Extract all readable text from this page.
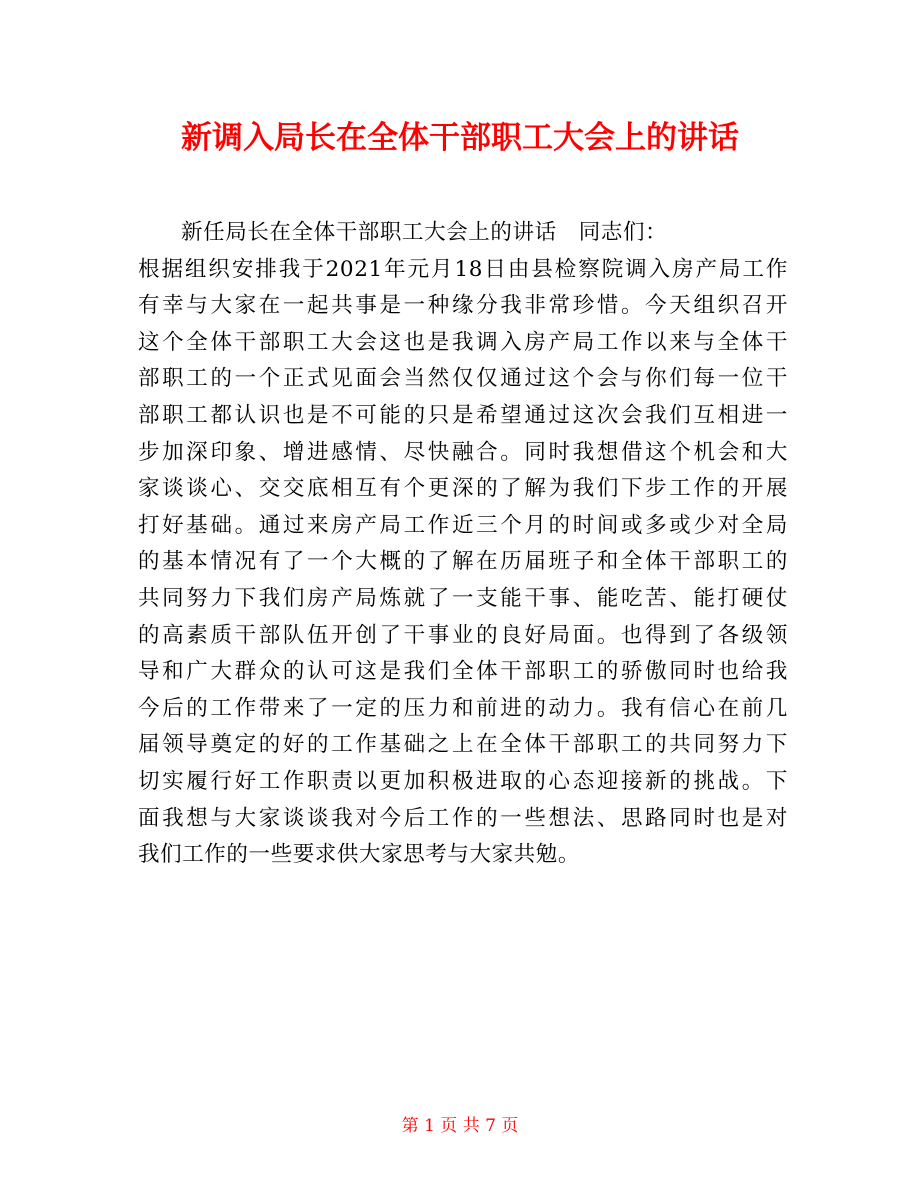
新调入局长在全体干部职工大会上的讲话
新任局长在全体干部职工大会上的讲话　同志们：
根据组织安排我于2021年元月18日由县检察院调入房产局工作
有幸与大家在一起共事是一种缘分我非常珍惜。今天组织召开
这个全体干部职工大会这也是我调入房产局工作以来与全体干
部职工的一个正式见面会当然仅仅通过这个会与你们每一位干
部职工都认识也是不可能的只是希望通过这次会我们互相进一
步加深印象、增进感情、尽快融合。同时我想借这个机会和大
家谈谈心、交交底相互有个更深的了解为我们下步工作的开展
打好基础。通过来房产局工作近三个月的时间或多或少对全局
的基本情况有了一个大概的了解在历届班子和全体干部职工的
共同努力下我们房产局炼就了一支能干事、能吃苦、能打硬仗
的高素质干部队伍开创了干事业的良好局面。也得到了各级领
导和广大群众的认可这是我们全体干部职工的骄傲同时也给我
今后的工作带来了一定的压力和前进的动力。我有信心在前几
届领导奠定的好的工作基础之上在全体干部职工的共同努力下
切实履行好工作职责以更加积极进取的心态迎接新的挑战。下
面我想与大家谈谈我对今后工作的一些想法、思路同时也是对
我们工作的一些要求供大家思考与大家共勉。
第 1 页 共 7 页
